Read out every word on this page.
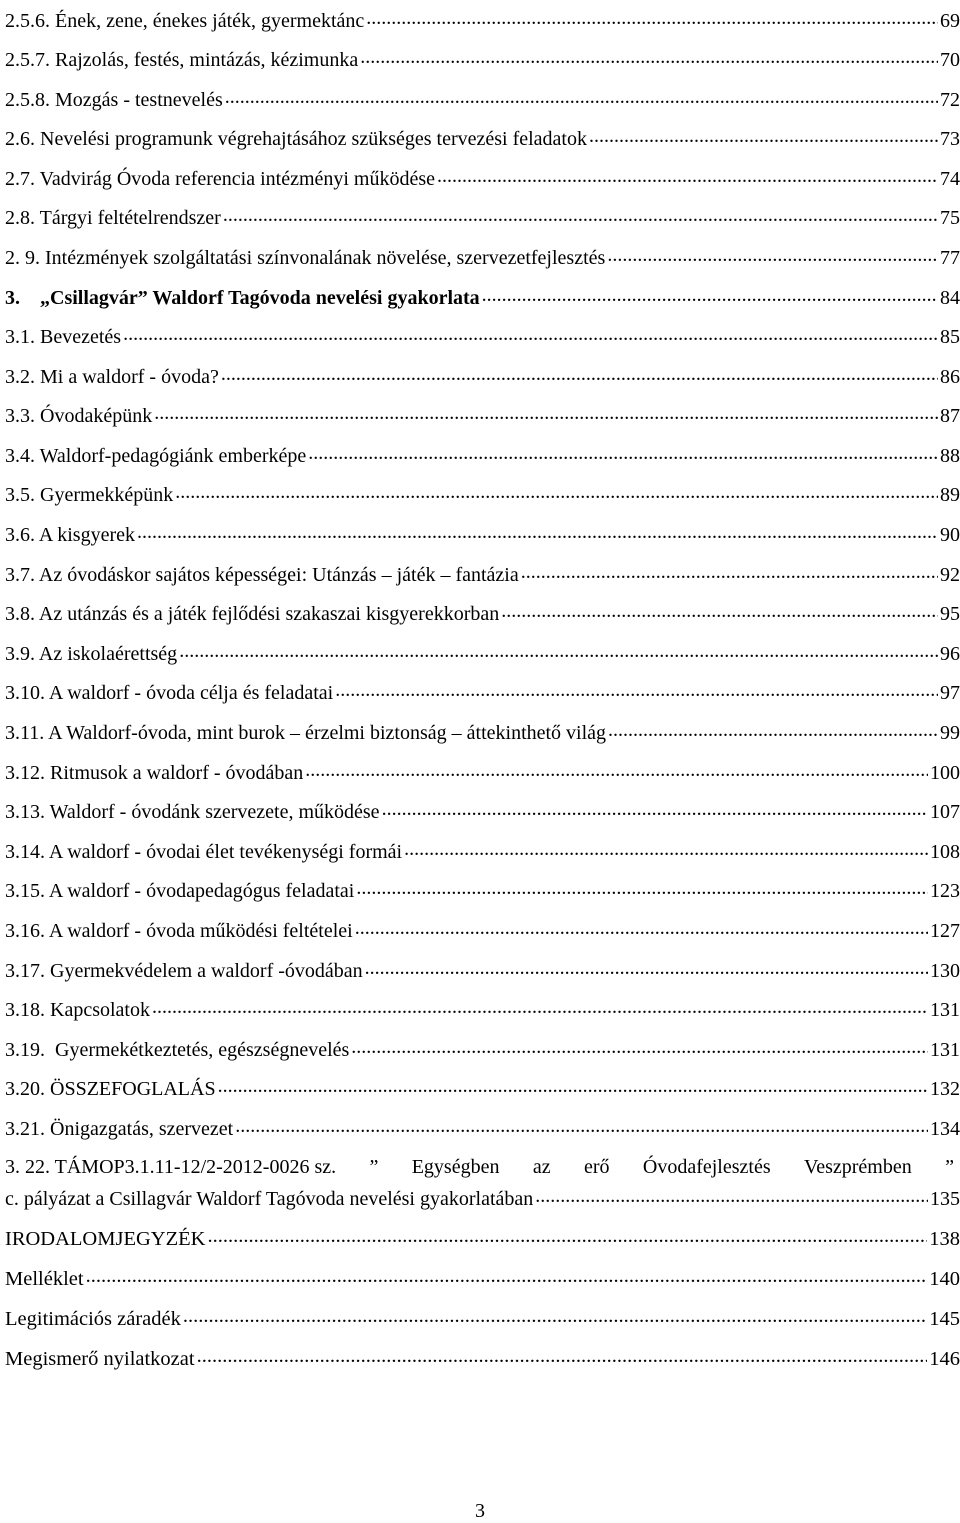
2.5.6. Ének, zene, énekes játék, gyermektánc .....	69
2.5.7. Rajzolás, festés, mintázás, kézimunka .....	70
2.5.8. Mozgás - testnevelés .....	72
2.6. Nevelési programunk végrehajtásához szükséges tervezési feladatok .....	73
2.7. Vadvirág Óvoda referencia intézményi működése .....	74
2.8. Tárgyi feltételrendszer .....	75
2. 9. Intézmények szolgáltatási színvonalának növelése, szervezetfejlesztés .....	77
3.    „Csillagvár” Waldorf Tagóvoda nevelési gyakorlata .....	84
3.1. Bevezetés .....	85
3.2. Mi a waldorf - óvoda? .....	86
3.3. Óvodaképünk .....	87
3.4. Waldorf-pedagógiánk emberképe .....	88
3.5. Gyermekképünk .....	89
3.6. A kisgyerek .....	90
3.7. Az óvodáskor sajátos képességei: Utánzás – játék – fantázia .....	92
3.8. Az utánzás és a játék fejlődési szakaszai kisgyerekkorban .....	95
3.9. Az iskolaérettség .....	96
3.10. A waldorf - óvoda célja és feladatai .....	97
3.11. A Waldorf-óvoda, mint burok – érzelmi biztonság – áttekinthető világ .....	99
3.12. Ritmusok a waldorf - óvodában .....	100
3.13. Waldorf - óvodánk szervezete, működése .....	107
3.14. A waldorf - óvodai élet tevékenységi formái .....	108
3.15. A waldorf - óvodapedagógus feladatai .....	123
3.16. A waldorf - óvoda működési feltételei .....	127
3.17. Gyermekvédelem a waldorf -óvodában .....	130
3.18. Kapcsolatok .....	131
3.19.  Gyermekétkeztetés, egészségnevelés .....	131
3.20. ÖSSZEFOGLALÁS .....	132
3.21. Önigazgatás, szervezet .....	134
3. 22. TÁMOP3.1.11-12/2-2012-0026 sz. ” Egységben az erő Óvodafejlesztés Veszprémben ”
c. pályázat a Csillagvár Waldorf Tagóvoda nevelési gyakorlatában .....	135
IRODALOMJEGYZÉK .....	138
Melléklet .....	140
Legitimációs záradék .....	145
Megismerő nyilatkozat .....	146
3
